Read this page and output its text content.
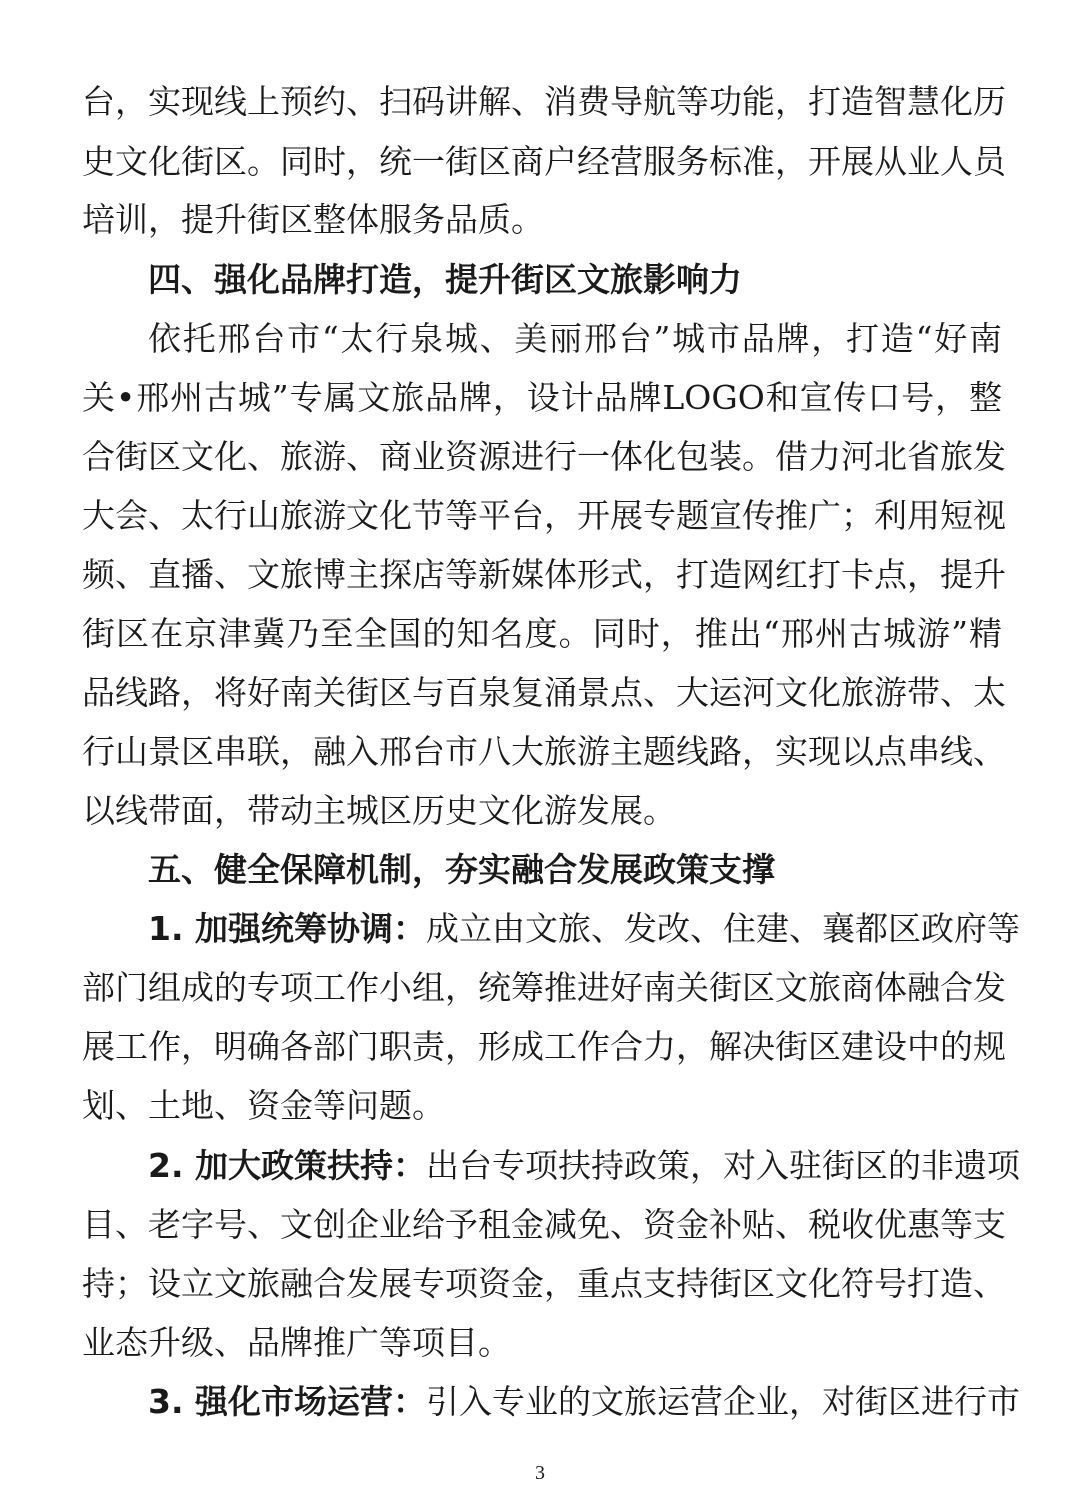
台，实现线上预约、扫码讲解、消费导航等功能，打造智慧化历
史文化街区。同时，统一街区商户经营服务标准，开展从业人员
培训，提升街区整体服务品质。
四、强化品牌打造，提升街区文旅影响力
依托邢台市“太行泉城、美丽邢台”城市品牌，打造“好南
关•邢州古城”专属文旅品牌，设计品牌LOGO和宣传口号，整
合街区文化、旅游、商业资源进行一体化包装。借力河北省旅发
大会、太行山旅游文化节等平台，开展专题宣传推广；利用短视
频、直播、文旅博主探店等新媒体形式，打造网红打卡点，提升
街区在京津冀乃至全国的知名度。同时，推出“邢州古城游”精
品线路，将好南关街区与百泉复涌景点、大运河文化旅游带、太
行山景区串联，融入邢台市八大旅游主题线路，实现以点串线、
以线带面，带动主城区历史文化游发展。
五、健全保障机制，夯实融合发展政策支撑
1. 加强统筹协调：成立由文旅、发改、住建、襄都区政府等
部门组成的专项工作小组，统筹推进好南关街区文旅商体融合发
展工作，明确各部门职责，形成工作合力，解决街区建设中的规
划、土地、资金等问题。
2. 加大政策扶持：出台专项扶持政策，对入驻街区的非遗项
目、老字号、文创企业给予租金减免、资金补贴、税收优惠等支
持；设立文旅融合发展专项资金，重点支持街区文化符号打造、
业态升级、品牌推广等项目。
3. 强化市场运营：引入专业的文旅运营企业，对街区进行市
3
